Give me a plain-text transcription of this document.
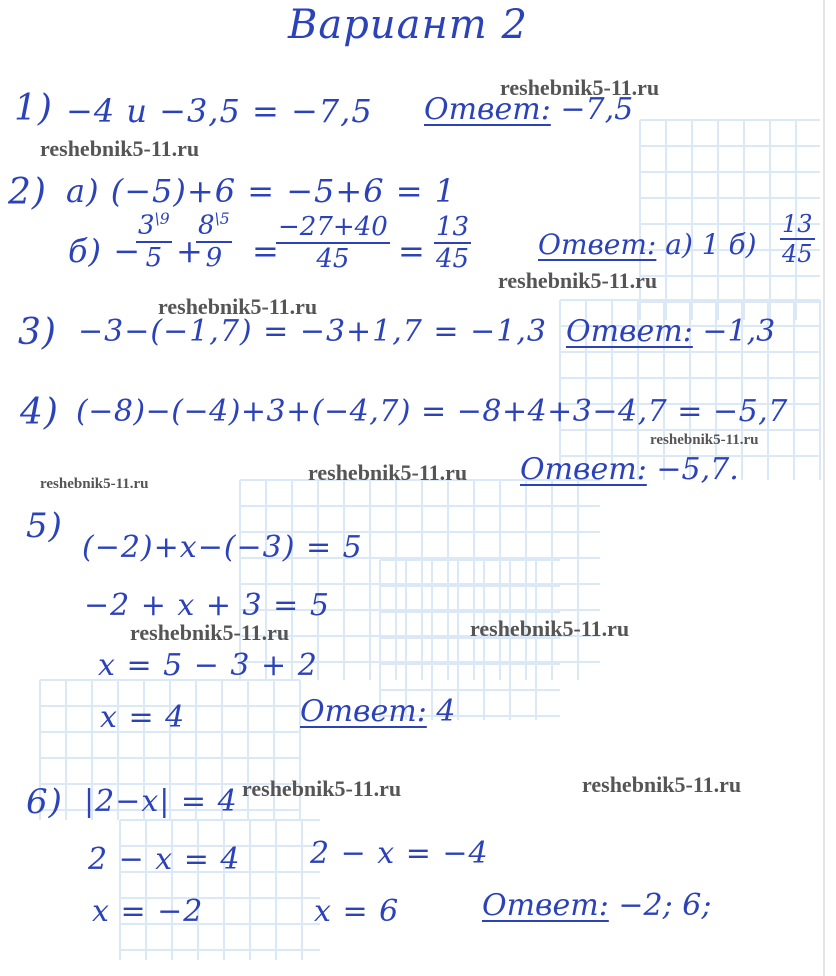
Вариант 2
1) −4 и −3,5 = −7,5 Ответ: −7,5
2) а) (−5)+6 = −5+6 = 1
б) −
$\frac{3^{\backslash 9}}{5}$ +
$\frac{8^{\backslash 5}}{9}$ =
$\frac{-27+40}{45} = \frac{13}{45}$ Ответ: а) 1 $б) \frac{13}{45}$
3) −3−(−1,7) = −3+1,7 = −1,3 Ответ: −1,3
4) (−8)−(−4)+3+(−4,7) = −8+4+3−4,7 = −5,7
Ответ: −5,7.
5)
(−2)+x−(−3) = 5
−2 + x + 3 = 5
x = 5 − 3 + 2
x = 4	Ответ: 4
6) |2−x| = 4
2 − x = 4
x = −2
2 − x = −4
x = 6	Ответ: −2; 6;
reshebnik5-11.ru
reshebnik5-11.ru
reshebnik5-11.ru
reshebnik5-11.ru
reshebnik5-11.ru
reshebnik5-11.ru
reshebnik5-11.ru
reshebnik5-11.ru	reshebnik5-11.ru
reshebnik5-11.ru	reshebnik5-11.ru
